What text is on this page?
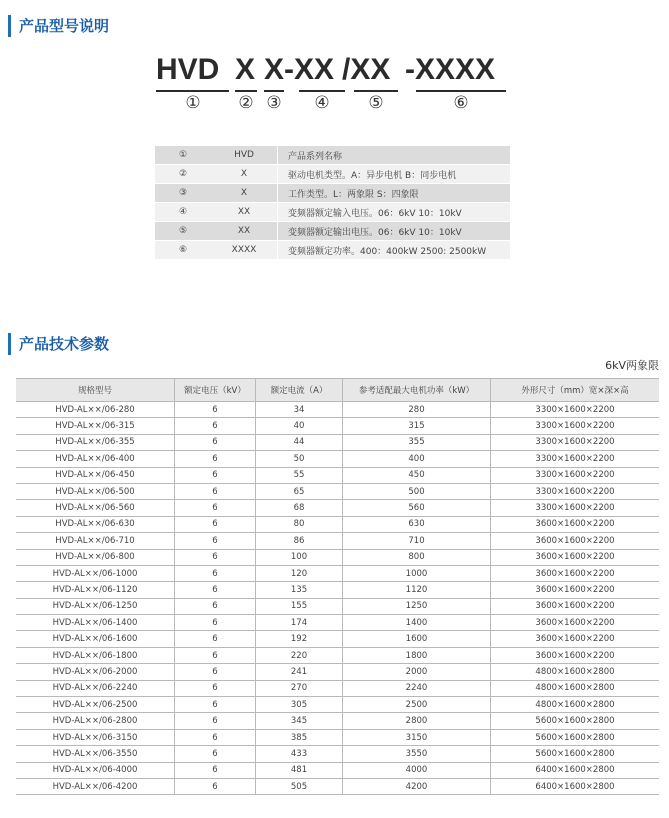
产品型号说明
HVD X X -XX /XX -XXXX
①	② ③	④	⑤	⑥
①	HVD	产品系列名称
②	X	驱动电机类型。A：异步电机 B：同步电机
③	X	工作类型。L：两象限 S：四象限
④	XX	变频器额定输入电压。06：6kV 10：10kV
⑤	XX	变频器额定输出电压。06：6kV 10：10kV
⑥	XXXX	变频器额定功率。400：400kW 2500: 2500kW
产品技术参数
6kV两象限
规格型号	额定电压（kV）	额定电流（A）	参考适配最大电机功率（kW）	外形尺寸（mm）宽×深×高
HVD-AL××/06-280	6	34	280	3300×1600×2200
HVD-AL××/06-315	6	40	315	3300×1600×2200
HVD-AL××/06-355	6	44	355	3300×1600×2200
HVD-AL××/06-400	6	50	400	3300×1600×2200
HVD-AL××/06-450	6	55	450	3300×1600×2200
HVD-AL××/06-500	6	65	500	3300×1600×2200
HVD-AL××/06-560	6	68	560	3300×1600×2200
HVD-AL××/06-630	6	80	630	3600×1600×2200
HVD-AL××/06-710	6	86	710	3600×1600×2200
HVD-AL××/06-800	6	100	800	3600×1600×2200
HVD-AL××/06-1000	6	120	1000	3600×1600×2200
HVD-AL××/06-1120	6	135	1120	3600×1600×2200
HVD-AL××/06-1250	6	155	1250	3600×1600×2200
HVD-AL××/06-1400	6	174	1400	3600×1600×2200
HVD-AL××/06-1600	6	192	1600	3600×1600×2200
HVD-AL××/06-1800	6	220	1800	3600×1600×2200
HVD-AL××/06-2000	6	241	2000	4800×1600×2800
HVD-AL××/06-2240	6	270	2240	4800×1600×2800
HVD-AL××/06-2500	6	305	2500	4800×1600×2800
HVD-AL××/06-2800	6	345	2800	5600×1600×2800
HVD-AL××/06-3150	6	385	3150	5600×1600×2800
HVD-AL××/06-3550	6	433	3550	5600×1600×2800
HVD-AL××/06-4000	6	481	4000	6400×1600×2800
HVD-AL××/06-4200	6	505	4200	6400×1600×2800
